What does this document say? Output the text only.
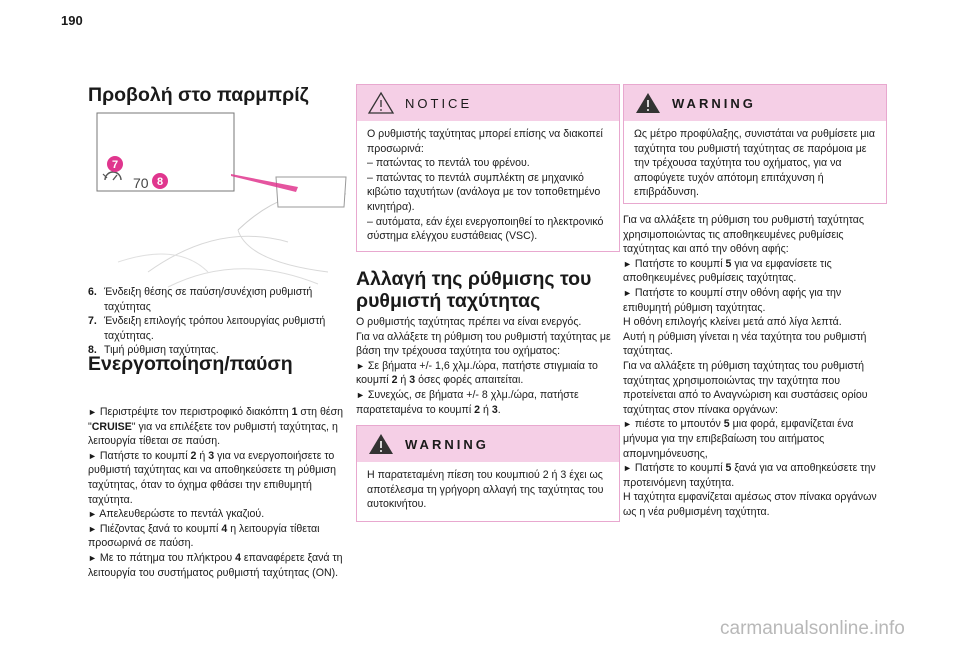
190
Προβολή στο παρμπρίζ
7
70 8
6. Ένδειξη θέσης σε παύση/συνέχιση ρυθμιστή ταχύτητας
7. Ένδειξη επιλογής τρόπου λειτουργίας ρυθμιστή ταχύτητας.
8. Τιμή ρύθμιση ταχύτητας.
Ενεργοποίηση/παύση

► Περιστρέψτε τον περιστροφικό διακόπτη 1 στη θέση "CRUISE" για να επιλέξετε τον ρυθμιστή ταχύτητας, η λειτουργία τίθεται σε παύση.

► Πατήστε το κουμπί 2 ή 3 για να ενεργοποιήσετε το ρυθμιστή ταχύτητας και να αποθηκεύσετε τη ρύθμιση ταχύτητας, όταν το όχημα φθάσει την επιθυμητή ταχύτητα.

► Απελευθερώστε το πεντάλ γκαζιού.

► Πιέζοντας ξανά το κουμπί 4 η λειτουργία τίθεται προσωρινά σε παύση.

► Με το πάτημα του πλήκτρου 4 επαναφέρετε ξανά τη λειτουργία του συστήματος ρυθμιστή ταχύτητας (ON).

NOTICE

Ο ρυθμιστής ταχύτητας μπορεί επίσης να διακοπεί προσωρινά:

– πατώντας το πεντάλ του φρένου.

– πατώντας το πεντάλ συμπλέκτη σε μηχανικό κιβώτιο ταχυτήτων (ανάλογα με τον τοποθετημένο κινητήρα).

– αυτόματα, εάν έχει ενεργοποιηθεί το ηλεκτρονικό σύστημα ελέγχου ευστάθειας (VSC).

Αλλαγή της ρύθμισης του ρυθμιστή ταχύτητας

Ο ρυθμιστής ταχύτητας πρέπει να είναι ενεργός.

Για να αλλάξετε τη ρύθμιση του ρυθμιστή ταχύτητας με βάση την τρέχουσα ταχύτητα του οχήματος:

► Σε βήματα +/- 1,6 χλμ./ώρα, πατήστε στιγμιαία το κουμπί 2 ή 3 όσες φορές απαιτείται.

► Συνεχώς, σε βήματα +/- 8 χλμ./ώρα, πατήστε παρατεταμένα το κουμπί 2 ή 3.

WARNING

Η παρατεταμένη πίεση του κουμπιού 2 ή 3 έχει ως αποτέλεσμα τη γρήγορη αλλαγή της ταχύτητας του αυτοκινήτου.

WARNING

Ως μέτρο προφύλαξης, συνιστάται να ρυθμίσετε μια ταχύτητα του ρυθμιστή ταχύτητας σε παρόμοια με την τρέχουσα ταχύτητα του οχήματος, για να αποφύγετε τυχόν απότομη επιτάχυνση ή επιβράδυνση.

Για να αλλάξετε τη ρύθμιση του ρυθμιστή ταχύτητας χρησιμοποιώντας τις αποθηκευμένες ρυθμίσεις ταχύτητας και από την οθόνη αφής:

► Πατήστε το κουμπί 5 για να εμφανίσετε τις αποθηκευμένες ρυθμίσεις ταχύτητας.

► Πατήστε το κουμπί στην οθόνη αφής για την επιθυμητή ρύθμιση ταχύτητας.

Η οθόνη επιλογής κλείνει μετά από λίγα λεπτά.

Αυτή η ρύθμιση γίνεται η νέα ταχύτητα του ρυθμιστή ταχύτητας.

Για να αλλάξετε τη ρύθμιση ταχύτητας του ρυθμιστή ταχύτητας χρησιμοποιώντας την ταχύτητα που προτείνεται από το Αναγνώριση και συστάσεις ορίου ταχύτητας στον πίνακα οργάνων:

► πιέστε το μπουτόν 5 μια φορά, εμφανίζεται ένα μήνυμα για την επιβεβαίωση του αιτήματος απομνημόνευσης,

► Πατήστε το κουμπί 5 ξανά για να αποθηκεύσετε την προτεινόμενη ταχύτητα.

Η ταχύτητα εμφανίζεται αμέσως στον πίνακα οργάνων ως η νέα ρυθμισμένη ταχύτητα.

carmanualsonline.info
